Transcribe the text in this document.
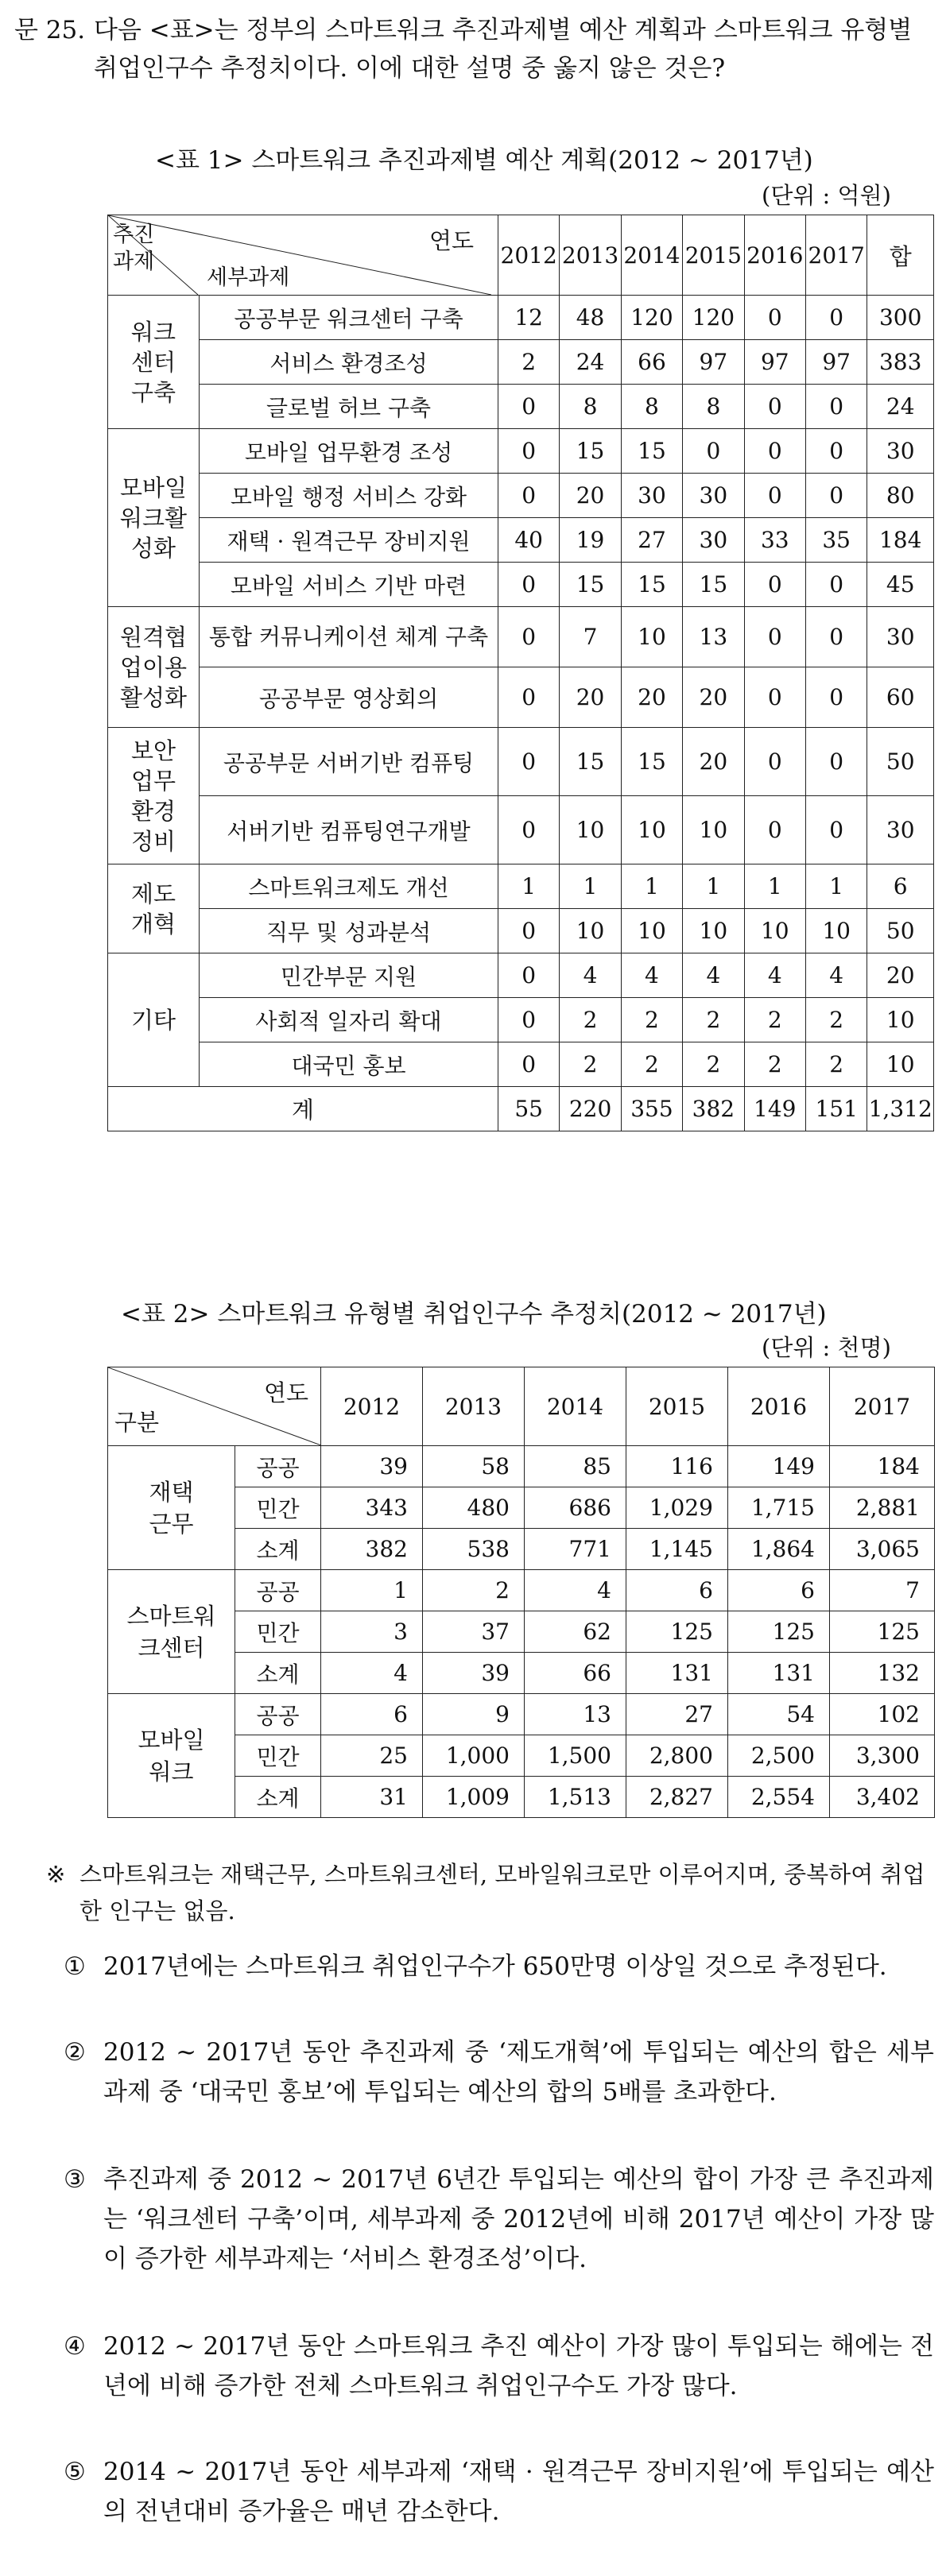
문 25. 다음 <표>는 정부의 스마트워크 추진과제별 예산 계획과 스마트워크 유형별 취업인구수 추정치이다. 이에 대한 설명 중 옳지 않은 것은?
<표 1> 스마트워크 추진과제별 예산 계획(2012 ~ 2017년)
(단위 : 억원)
연도
추진과제
세부과제		2012	2013	2014	2015	2016	2017	합
워크센터구축	공공부문 워크센터 구축	12	48	120	120	0	0	300
	서비스 환경조성	2	24	66	97	97	97	383
	글로벌 허브 구축	0	8	8	8	0	0	24
모바일워크활성화	모바일 업무환경 조성	0	15	15	0	0	0	30
	모바일 행정 서비스 강화	0	20	30	30	0	0	80
	재택 · 원격근무 장비지원	40	19	27	30	33	35	184
	모바일 서비스 기반 마련	0	15	15	15	0	0	45
원격협업이용활성화	통합 커뮤니케이션 체계 구축	0	7	10	13	0	0	30
	공공부문 영상회의	0	20	20	20	0	0	60
보안업무환경정비	공공부문 서버기반 컴퓨팅	0	15	15	20	0	0	50
	서버기반 컴퓨팅연구개발	0	10	10	10	0	0	30
제도개혁	스마트워크제도 개선	1	1	1	1	1	1	6
	직무 및 성과분석	0	10	10	10	10	10	50
기타	민간부문 지원	0	4	4	4	4	4	20
	사회적 일자리 확대	0	2	2	2	2	2	10
	대국민 홍보	0	2	2	2	2	2	10
계		55	220	355	382	149	151	1,312
<표 2> 스마트워크 유형별 취업인구수 추정치(2012 ~ 2017년)
(단위 : 천명)
연도
구분		2012	2013	2014	2015	2016	2017
재택근무	공공	39	58	85	116	149	184
	민간	343	480	686	1,029	1,715	2,881
	소계	382	538	771	1,145	1,864	3,065
스마트워크센터	공공	1	2	4	6	6	7
	민간	3	37	62	125	125	125
	소계	4	39	66	131	131	132
모바일워크	공공	6	9	13	27	54	102
	민간	25	1,000	1,500	2,800	2,500	3,300
	소계	31	1,009	1,513	2,827	2,554	3,402
※ 스마트워크는 재택근무, 스마트워크센터, 모바일워크로만 이루어지며, 중복하여 취업한 인구는 없음.
① 2017년에는 스마트워크 취업인구수가 650만명 이상일 것으로 추정된다.
② 2012 ~ 2017년 동안 추진과제 중 ‘제도개혁’에 투입되는 예산의 합은 세부과제 중 ‘대국민 홍보’에 투입되는 예산의 합의 5배를 초과한다.
③ 추진과제 중 2012 ~ 2017년 6년간 투입되는 예산의 합이 가장 큰 추진과제는 ‘워크센터 구축’이며, 세부과제 중 2012년에 비해 2017년 예산이 가장 많이 증가한 세부과제는 ‘서비스 환경조성’이다.
④ 2012 ~ 2017년 동안 스마트워크 추진 예산이 가장 많이 투입되는 해에는 전년에 비해 증가한 전체 스마트워크 취업인구수도 가장 많다.
⑤ 2014 ~ 2017년 동안 세부과제 ‘재택 · 원격근무 장비지원’에 투입되는 예산의 전년대비 증가율은 매년 감소한다.
